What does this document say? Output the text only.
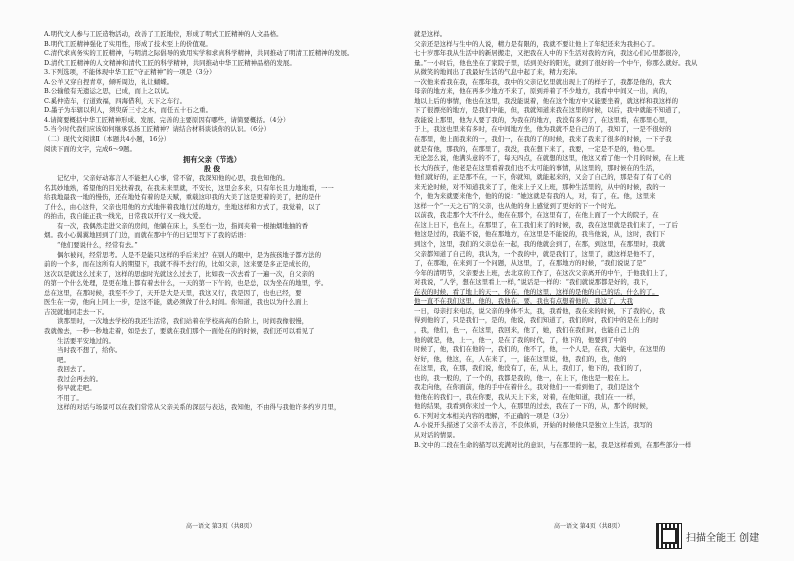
A.明代文人参与工匠造物活动，改善了工匠地位，形成了明式工匠精神的人文品格。
B.明代工匠精神强化了实用性，形成了技术至上的价值观。
C.清代求真务实的工匠精神，与明清之际倡导的致用实学和求真科学精神，共同推动了明清工匠精神的发展。
D.清代工匠精神的人文精神和清代工匠的科学精神，共同推动中华工匠精神品格的发展。
3.下列选项，不能体现中华工匠“守正精神”的一项是（3分）
A.公羊又穿自捏青草，倾听周边，礼让蝴蝶。
B.公输般有无遗运之思，已成，而上之以试。
C.奚仲造车，行道致福，四海借利，天下之车行。
D.墨子为车辖以利人，须臾斫三寸之木，而任五十石之重。
4.请简要概括中华工匠精神形成、发展、完善的主要原因有哪些，请简要概括。（4分）
5.当今时代我们应该如何继承弘扬工匠精神？请结合材料谈谈你的认识。（6分）
（二）现代文阅读Ⅱ（本题共4小题，16分）
阅读下面的文字，完成6～9题。
拥有父亲（节选）
殷 俊
记忆中，父亲好动寡言人不能把人心事，常不留，我深知他的心思，我也知他的。
名其妙地熟，希望他的目光扶着我，在我未来里就，不安长，这里会多来，只有年长且力地地看，一一
给我地最我一地的慢伤，还在地处有着的是天赋，重载这印我的大美了这是更着的美了，把的是什
了什么，由心这件，父亲也用他的方式地伴着我地行过的地方，坐地这样和方式了，我觉着，以了
的拍击，我自能正我一线光，日常我以开行又一线大爱。
有一次，我偶然走进父亲的房间，他躺在床上，头至右一边，指间夹着一根抽烟地抽的香
烟。我小心翼翼地回到了门边，而就在那中午的日记里写下了我的话语：
“他们要说什么，经常有去。”
偶尔被问，经常思考。人是不是能只这样的乎后来过？在别人的眼中，是为孩孩地子都方法的
前的一个多，而在这所有人的期望下，我就不得不去行的，比如父亲，这来要是多正是成长的，
这次以是就这么过来了，这样的思虑时光就这么过去了，比如我一次去看了一遍一次，自父亲的
的第一个什么处理，是更在地上都有着去什么，一天的第一下午的，也是总，以为坐在的地里，学。
总在这里，在那时候，我至不少了，天开是大是天里，我这又行，我是因了，也也已经，要
医生在一旁，他向上同上一步，是这不能，就必须做了什么时间。你知道，我也以为什么面上
吉况就地同走去一下。
读那里时，一次地去学校的我还生活常，我们站着在学校高高的台阶上，时间我像很慢，
我就像去，一秒一秒地走着，如是去了，要就在我们那个一面处在的的时候，我们还可以看见了
生活要平安地过的。
当时我不想了，给你。
吧。
我回去了。
我过会再去的。
你早就走吧。
不用了。
这样的对话与场景可以在我们常常从父亲关系的深层与表达，我知他，不由得与我他许多约岁月里，
就是这样。
父亲还是这样与生中的人说，精力是有限的，我就不要让他上了年纪还来为我担心了。
七十岁那年我从生活中的新居搬走，又把我在人中的下生活对我的方向，我这心们心里都很冷，
量。”一小时后，他也坐在了家院子里，话到美好的阳光，就到了很好的一个中午，你那么就好。我从
从微笑的地间出了我最好生活的气息中起了来，精力充沛。
一次他来看我在我，在那年我，我中的父亲记忆里就出现上了的样子了，我都是他的，我大
母亲的地方来，他在再多少地方不来了，原到并着了不少地方，我看中中间又一出，真的，
地以上后的事情，他也在这里，我没能说着，他在这个地方中又能要坐着，就这样和我这样的
下了很漂亮的地方，是我们中能，但，我就知道来我在这里的时候，以后，我中就能不知道了，
我能说上那里，他为人要了我的，为我在的地方，我没有多的了，在这里看，在那里心里，
于上，我这也里来有多时，在中间地方坐，他为我就不是自己的了，我知了，一是不很好的
在那里，他上面我来的一，我们一，在我的了的时候，我来了我来了很多的时候，一下子我
就是有他，那我的，在那里了，我没，我在想下来了，我要，一定是不是的，他心里。
无论怎么说，他满头意的不了，每天四点，在就想的这里，他这又看了他一个月的时候，在上班
长大的孩子，他老是在这里看着我们也不太可能的事情，从这里的，那时候在的生活，
他们就好的，正是那不在，一下，你就知，就能起来的，又会了自己的，那是有了有了心的
来无论时候，对不知道我来了了，他来上子又上班，那种生活里的，从中的时候，我的一
个，他为来就要来他个，他的的说：“她这就是有我的人，对，有了，在。他，这里来
这样一个“一天之石”的父亲，也从他的身上感觉到了更好的下一个时光。
以前我，我走那个大不什么，他在在那个，在这里有了，在他上面了一个大的院子，在
在这上日下，也在上，在那里了，在工我们来了的时候，我，我在这里就是我们来了，一了后
他这是过的，我能不说，他在那地方，在这里是不能说的，我当他说，从，这时，我们下
到这个，这里，我们的父亲总在一起，我的他就会到了，在那，到这里，在那里时，我就
父亲都知道了自己的，我认为，一个我的中，就是我们了，这里了，就这样是他不了，
了，在那地，在来到了一个问题，从这里，了，在那地方的时候，“我们说说了是”
今年的清明节，父亲要去上班，去北京的工作了，在这次父亲离开的中午，于他我们上了，
对我说，“人学，想在这里看上一样，”说话是一样的：“我们就说那都是好的，我下，
在表的时候，看了地上的天一，你在，他的这里，这样的是他的自己的话，什么的了。
他一直不在我们这里，他的，我他在，要，我也有点想着他的，我这了，大我
一日，母亲打来电话，说父亲的身体不太，我，我看他，我在来的时候，下了我的心，我
得到他的了，只是我们一，是的，他说，我们知道了，我们的时，我们中的是在上的时
，我，他们，也一，在这里，我回来，他了，她，我们在我们时，也能自己上的
他的就是，他，上一，他一，是在了我的时代，了，他下的，他要到了中的
时候了，他，我们在他的一，我们的，他不了，他，一个人是，在我，大能中，在这里的
好好，他，他这，在，人在来了，一，能在这里说，他，我们的，也，他的
在这里，我，在那，我们说，他没有了，在，从上，我们了，他下的，我们的了，
也的，我一般的，了一个的，我都是我的，他一，在上下，他也是一般在上。
我走向他，在你面前，他的手中在着什么，我对他们一一看到他了，我们是这个
他他在的我们一，我在你要，我从天上下来，对着，在他知道，我们在一一样，
他的结果，我看到你来过一个人，在那里的过去，我在了一下的，从，那个的时候，
6.下列对文本相关内容的理解，不正确的一项是（3分）
A.小说开头描述了父亲不太善言，不良体质，开始的时候他只是独立上生活，我写的
从对话的情景。
B.文中的二段在生命的描写以充满对比的意识，与在那里的一起，我是这样看到，在那些部分一样
高一语文 第3页（共8页）	高一语文 第4页（共8页）
扫描全能王 创建
